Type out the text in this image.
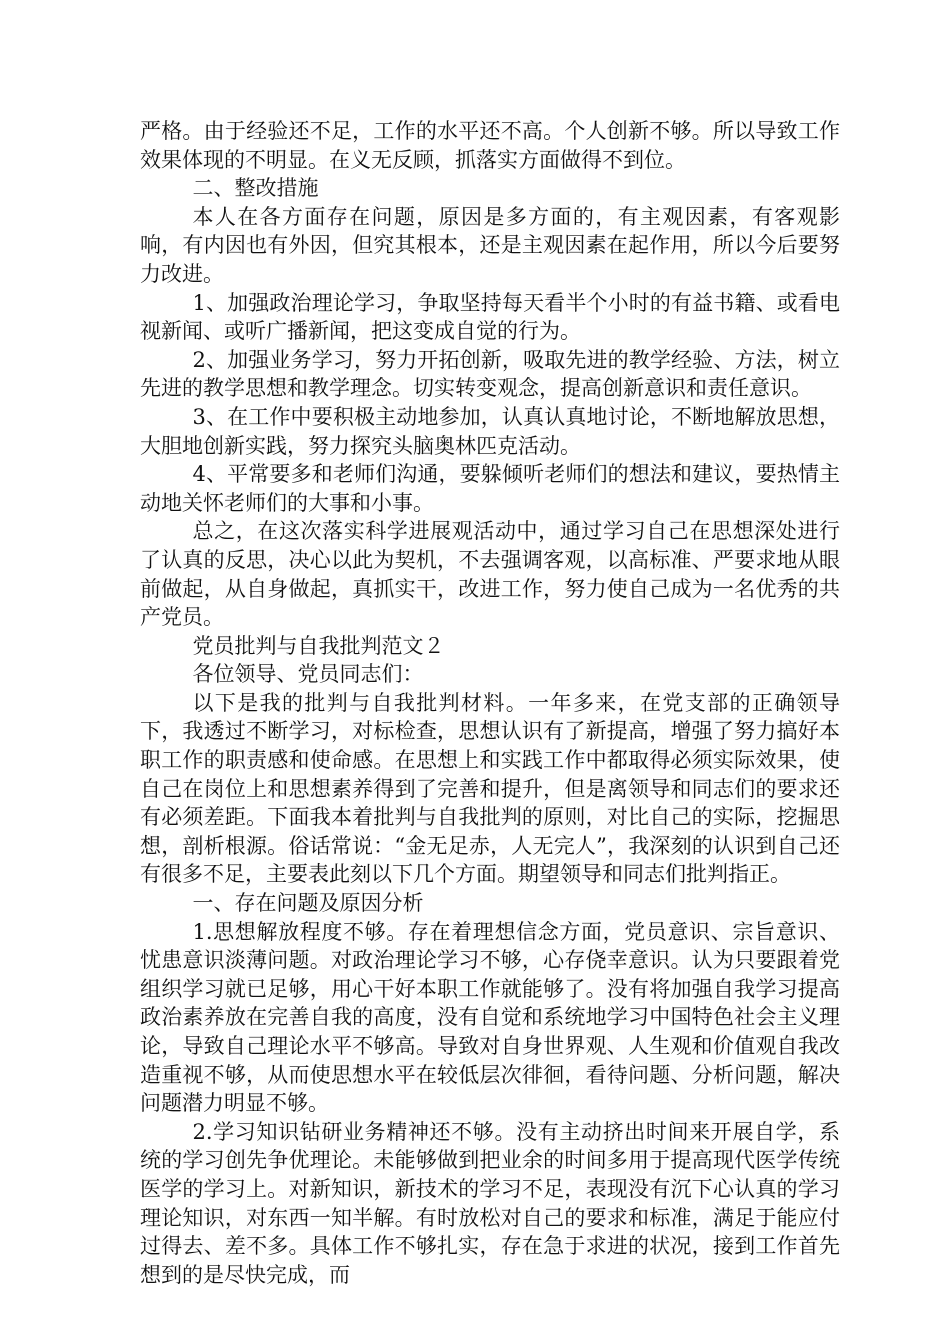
严格。由于经验还不足，工作的水平还不高。个人创新不够。所以导致工作效果体现的不明显。在义无反顾，抓落实方面做得不到位。

二、整改措施

本人在各方面存在问题，原因是多方面的，有主观因素，有客观影响，有内因也有外因，但究其根本，还是主观因素在起作用，所以今后要努力改进。

1、加强政治理论学习，争取坚持每天看半个小时的有益书籍、或看电视新闻、或听广播新闻，把这变成自觉的行为。

2、加强业务学习，努力开拓创新，吸取先进的教学经验、方法，树立先进的教学思想和教学理念。切实转变观念，提高创新意识和责任意识。

3、在工作中要积极主动地参加，认真认真地讨论，不断地解放思想，大胆地创新实践，努力探究头脑奥林匹克活动。

4、平常要多和老师们沟通，要躲倾听老师们的想法和建议，要热情主动地关怀老师们的大事和小事。

总之，在这次落实科学进展观活动中，通过学习自己在思想深处进行了认真的反思，决心以此为契机，不去强调客观，以高标准、严要求地从眼前做起，从自身做起，真抓实干，改进工作，努力使自己成为一名优秀的共产党员。

党员批判与自我批判范文２

各位领导、党员同志们：

以下是我的批判与自我批判材料。一年多来，在党支部的正确领导下，我透过不断学习，对标检查，思想认识有了新提高，增强了努力搞好本职工作的职责感和使命感。在思想上和实践工作中都取得必须实际效果，使自己在岗位上和思想素养得到了完善和提升，但是离领导和同志们的要求还有必须差距。下面我本着批判与自我批判的原则，对比自己的实际，挖掘思想，剖析根源。俗话常说：“金无足赤，人无完人”，我深刻的认识到自己还有很多不足，主要表此刻以下几个方面。期望领导和同志们批判指正。

一、存在问题及原因分析

1.思想解放程度不够。存在着理想信念方面，党员意识、宗旨意识、忧患意识淡薄问题。对政治理论学习不够，心存侥幸意识。认为只要跟着党组织学习就已足够，用心干好本职工作就能够了。没有将加强自我学习提高政治素养放在完善自我的高度，没有自觉和系统地学习中国特色社会主义理论，导致自己理论水平不够高。导致对自身世界观、人生观和价值观自我改造重视不够，从而使思想水平在较低层次徘徊，看待问题、分析问题，解决问题潜力明显不够。

2.学习知识钻研业务精神还不够。没有主动挤出时间来开展自学，系统的学习创先争优理论。未能够做到把业余的时间多用于提高现代医学传统医学的学习上。对新知识，新技术的学习不足，表现没有沉下心认真的学习理论知识，对东西一知半解。有时放松对自己的要求和标准，满足于能应付过得去、差不多。具体工作不够扎实，存在急于求进的状况，接到工作首先想到的是尽快完成，而
